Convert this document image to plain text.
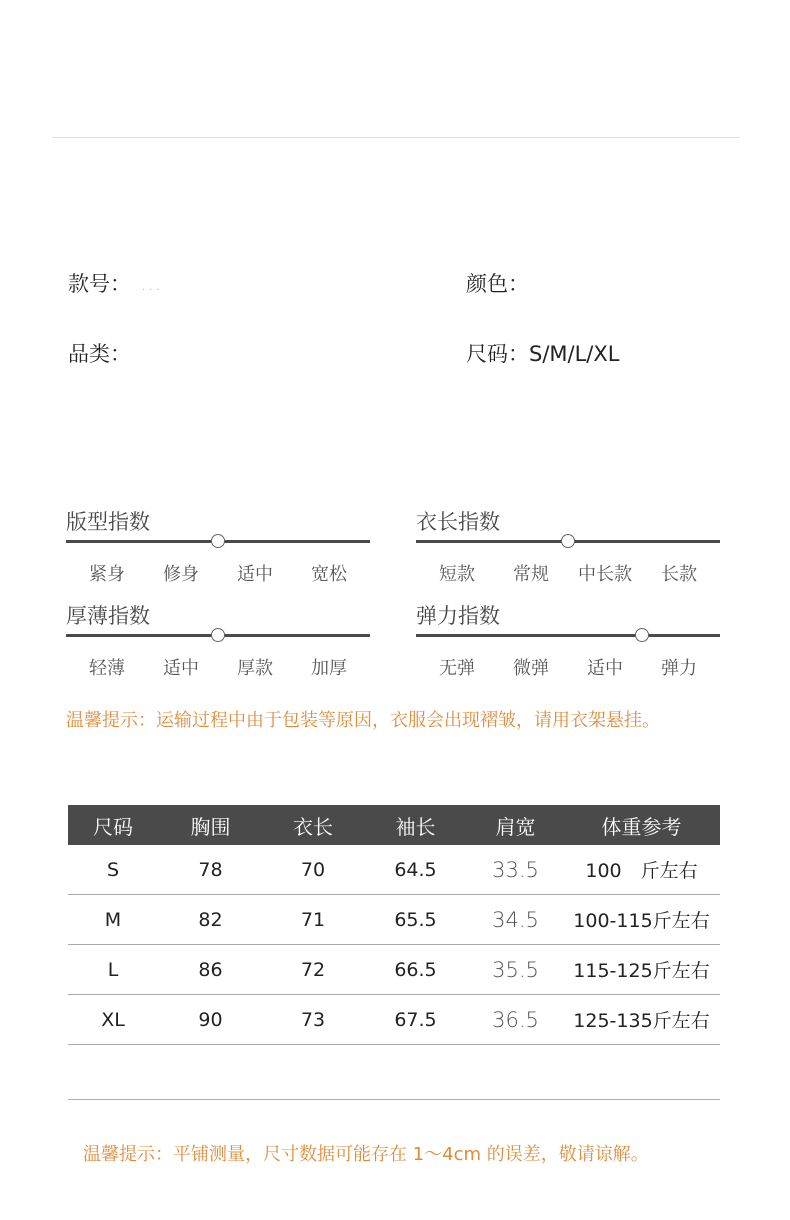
款号： ...	颜色：
品类：	尺码：S/M/L/XL
版型指数
紧身	修身	适中	宽松
衣长指数
短款	常规	中长款	长款
厚薄指数
轻薄	适中	厚款	加厚
弹力指数
无弹	微弹	适中	弹力
温馨提示：运输过程中由于包装等原因，衣服会出现褶皱，请用衣架悬挂。
尺码	胸围	衣长	袖长	肩宽	体重参考
S	78	70	64.5	33.5	100　斤左右
M	82	71	65.5	34.5	100-115斤左右
L	86	72	66.5	35.5	115-125斤左右
XL	90	73	67.5	36.5	125-135斤左右
温馨提示：平铺测量，尺寸数据可能存在 1～4cm 的误差，敬请谅解。
